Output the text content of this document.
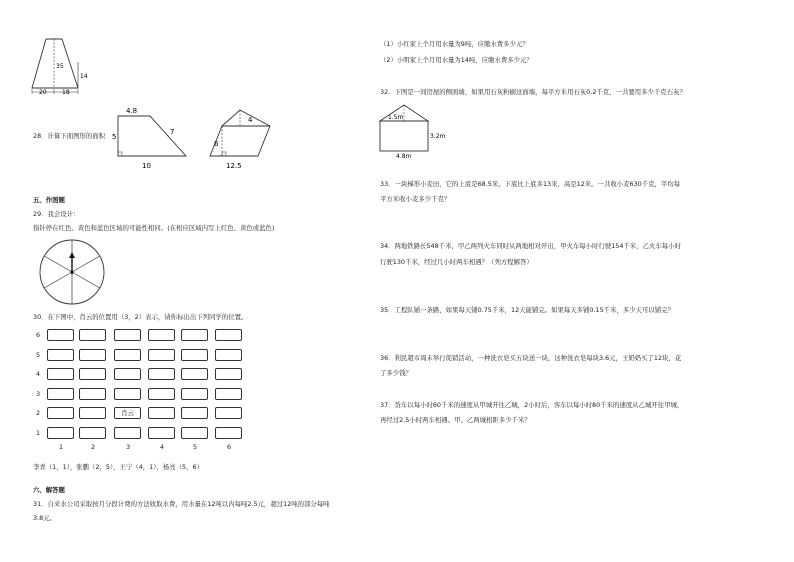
35
14
20	18
28．计算下面图形的面积
4.8
7
5
10
4
6
12.5
五、作图题
29．我会设计：
指针停在红色、黄色和蓝色区域的可能性相同。(在相应区域内写上红色、黄色或蓝色)
30．在下图中，肖云的位置用（3，2）表示，请你标出出下列同学的位置。
6
5
4
3
2
1
肖云
1	2	3	4	5	6
李青（1，1），张鹏（2，5），王宁（4，1），杨亮（5，6）
六、解答题
31．自来水公司采取按月分段计费的方法收取水费，用水量在12吨以内每吨2.5元，超过12吨的部分每吨
3.8元。
（1）小红家上个月用水量为9吨，应缴水费多少元？
（2）小明家上个月用水量为14吨，应缴水费多少元？
32．下图是一间房屋的侧面墙，如果用石灰粉刷这面墙，每平方米用石灰0.2千克，一共要用多少千克石灰？
1.5m
3.2m
4.8m
33．一块梯形小麦田，它的上底是68.5米，下底比上底多13米，高是12米。一共收小麦630千克，平均每
平方米收小麦多少千克？
34．两地铁路长548千米，甲乙两列火车同时从两地相对开出，甲火车每小时行驶154千米，乙火车每小时
行驶130千米，经过几小时两车相遇？（列方程解答）
35．工程队铺一条路，如果每天铺0.75千米，12天能铺完。如果每天多铺0.15千米，多少天可以铺完？
36．利民超市周末举行促销活动，一种洗衣皂买五块送一块，这种洗衣皂每块3.6元，王奶奶买了12块，花
了多少钱？
37．货车以每小时60千米的速度从甲城开往乙城，2小时后，客车以每小时80千米的速度从乙城开往甲城，
再经过2.5小时两车相遇。甲、乙两城相距多少千米？
